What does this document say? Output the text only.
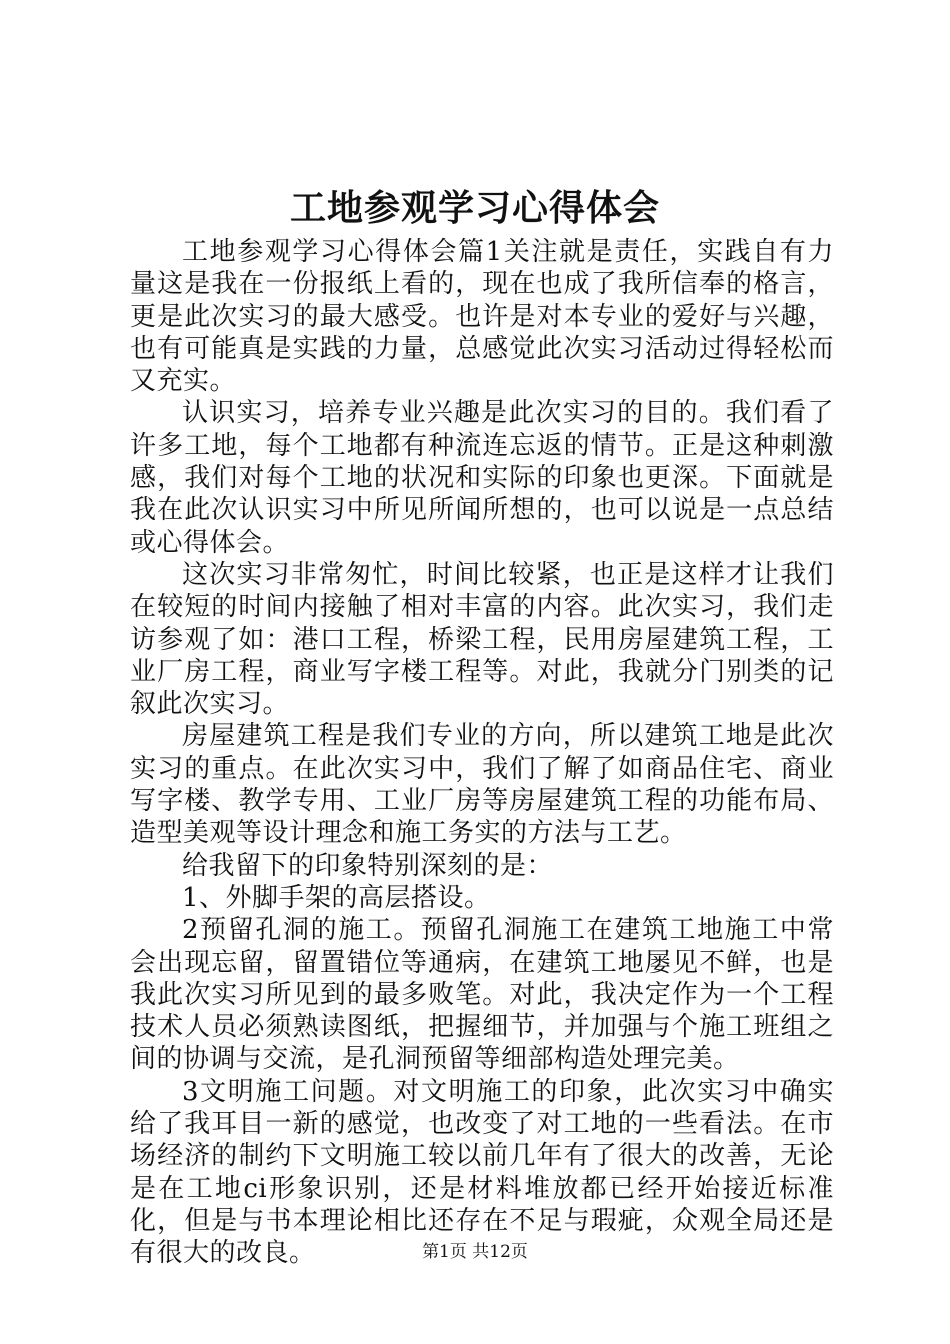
工地参观学习心得体会

工地参观学习心得体会篇1关注就是责任，实践自有力量这是我在一份报纸上看的，现在也成了我所信奉的格言，更是此次实习的最大感受。也许是对本专业的爱好与兴趣，也有可能真是实践的力量，总感觉此次实习活动过得轻松而又充实。

认识实习，培养专业兴趣是此次实习的目的。我们看了许多工地，每个工地都有种流连忘返的情节。正是这种刺激感，我们对每个工地的状况和实际的印象也更深。下面就是我在此次认识实习中所见所闻所想的，也可以说是一点总结或心得体会。

这次实习非常匆忙，时间比较紧，也正是这样才让我们在较短的时间内接触了相对丰富的内容。此次实习，我们走访参观了如：港口工程，桥梁工程，民用房屋建筑工程，工业厂房工程，商业写字楼工程等。对此，我就分门别类的记叙此次实习。

房屋建筑工程是我们专业的方向，所以建筑工地是此次实习的重点。在此次实习中，我们了解了如商品住宅、商业写字楼、教学专用、工业厂房等房屋建筑工程的功能布局、造型美观等设计理念和施工务实的方法与工艺。

给我留下的印象特别深刻的是：

1、外脚手架的高层搭设。

2预留孔洞的施工。预留孔洞施工在建筑工地施工中常会出现忘留，留置错位等通病，在建筑工地屡见不鲜，也是我此次实习所见到的最多败笔。对此，我决定作为一个工程技术人员必须熟读图纸，把握细节，并加强与个施工班组之间的协调与交流，是孔洞预留等细部构造处理完美。

3文明施工问题。对文明施工的印象，此次实习中确实给了我耳目一新的感觉，也改变了对工地的一些看法。在市场经济的制约下文明施工较以前几年有了很大的改善，无论是在工地ci形象识别，还是材料堆放都已经开始接近标准化，但是与书本理论相比还存在不足与瑕疵，众观全局还是有很大的改良。	第1页 共12页
